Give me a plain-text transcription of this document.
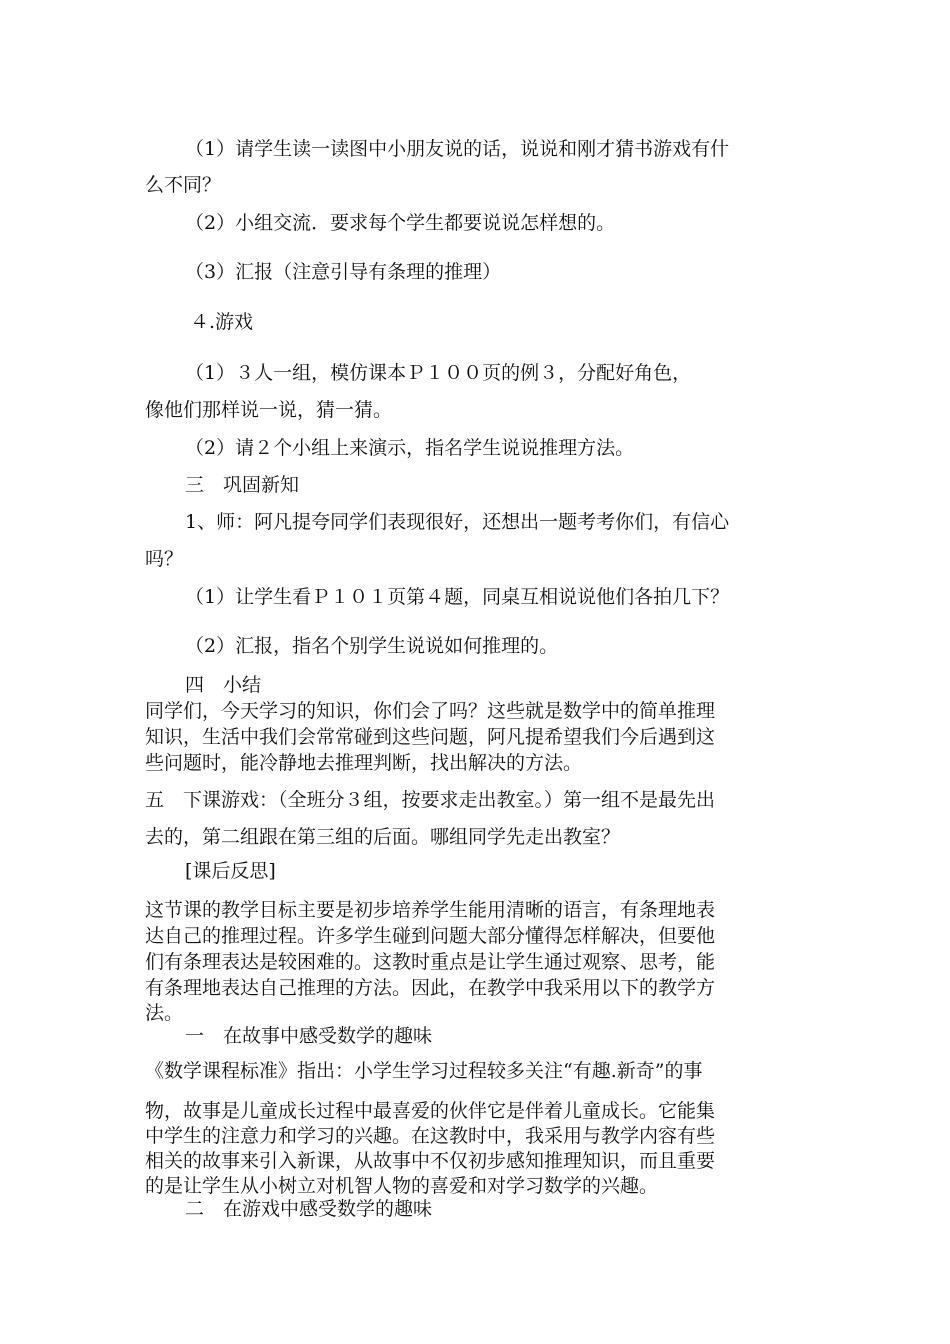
（1）请学生读一读图中小朋友说的话，说说和刚才猜书游戏有什

么不同？

（2）小组交流．要求每个学生都要说说怎样想的。

（3）汇报（注意引导有条理的推理）

４.游戏

（1）３人一组，模仿课本Ｐ１００页的例３，分配好角色，

像他们那样说一说，猜一猜。

（2）请２个小组上来演示，指名学生说说推理方法。

三　巩固新知

1、师：阿凡提夸同学们表现很好，还想出一题考考你们，有信心

吗？

（1）让学生看Ｐ１０１页第４题，同桌互相说说他们各拍几下？

（2）汇报，指名个别学生说说如何推理的。

四　小结

同学们，今天学习的知识，你们会了吗？这些就是数学中的简单推理

知识，生活中我们会常常碰到这些问题，阿凡提希望我们今后遇到这

些问题时，能冷静地去推理判断，找出解决的方法。

五　下课游戏：（全班分３组，按要求走出教室。）第一组不是最先出

去的，第二组跟在第三组的后面。哪组同学先走出教室？

[课后反思]

这节课的教学目标主要是初步培养学生能用清晰的语言，有条理地表

达自己的推理过程。许多学生碰到问题大部分懂得怎样解决，但要他

们有条理表达是较困难的。这教时重点是让学生通过观察、思考，能

有条理地表达自己推理的方法。因此，在教学中我采用以下的教学方

法。

一　在故事中感受数学的趣味

《数学课程标准》指出：小学生学习过程较多关注“有趣.新奇”的事

物，故事是儿童成长过程中最喜爱的伙伴它是伴着儿童成长。它能集

中学生的注意力和学习的兴趣。在这教时中，我采用与教学内容有些

相关的故事来引入新课，从故事中不仅初步感知推理知识，而且重要

的是让学生从小树立对机智人物的喜爱和对学习数学的兴趣。

二　在游戏中感受数学的趣味
